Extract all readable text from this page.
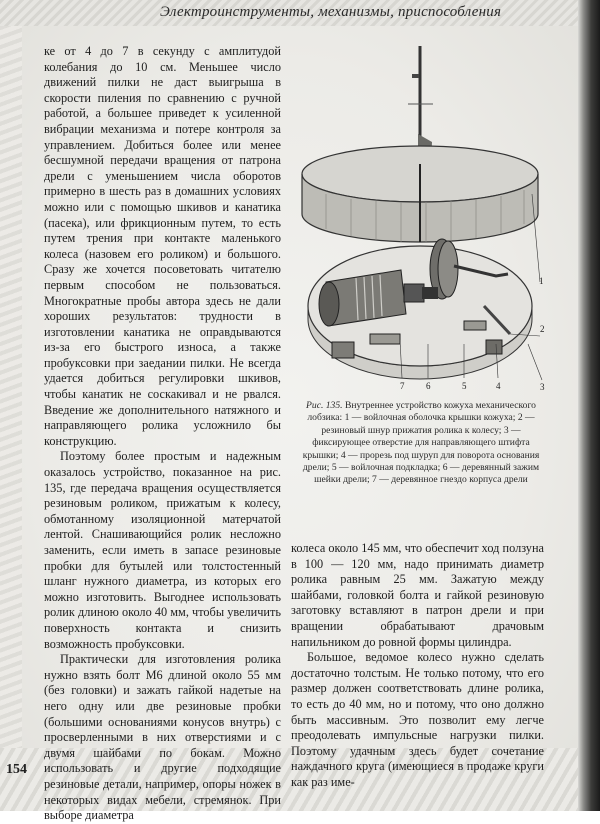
Электроинструменты, механизмы, приспособления
154

ке от 4 до 7 в секунду с амплитудой колебания до 10 см. Меньшее число движений пилки не даст выигрыша в скорости пиления по сравнению с ручной работой, а большее приведет к усиленной вибрации механизма и потере контроля за управлением. Добиться более или менее бесшумной передачи вращения от патрона дрели с уменьшением числа оборотов примерно в шесть раз в домашних условиях можно или с помощью шкивов и канатика (пасека), или фрикционным путем, то есть путем трения при контакте маленького колеса (назовем его роликом) и большого. Сразу же хочется посоветовать читателю первым способом не пользоваться. Многократные пробы автора здесь не дали хороших результатов: трудности в изготовлении канатика не оправдываются из-за его быстрого износа, а также пробуксовки при заедании пилки. Не всегда удается добиться регулировки шкивов, чтобы канатик не соскакивал и не рвался. Введение же дополнительного натяжного и направляющего ролика усложнило бы конструкцию.

Поэтому более простым и надежным оказалось устройство, показанное на рис. 135, где передача вращения осуществляется резиновым роликом, прижатым к колесу, обмотанному изоляционной матерчатой лентой. Снашивающийся ролик несложно заменить, если иметь в запасе резиновые пробки для бутылей или толстостенный шланг нужного диаметра, из которых его можно изготовить. Выгоднее использовать ролик длиною около 40 мм, чтобы увеличить поверхность контакта и снизить возможность пробуксовки.

Практически для изготовления ролика нужно взять болт М6 длиной около 55 мм (без головки) и зажать гайкой надетые на него одну или две резиновые пробки (большими основаниями конусов внутрь) с просверленными в них отверстиями и с двумя шайбами по бокам. Можно использовать и другие подходящие резиновые детали, например, опоры ножек в некоторых видах мебели, стремянок. При выборе диаметра

1
2
3
4
5
6
7
Рис. 135. Внутреннее устройство кожуха механического лобзика: 1 — войлочная оболочка крышки кожуха; 2 — резиновый шнур прижатия ролика к колесу; 3 — фиксирующее отверстие для направляющего штифта крышки; 4 — прорезь под шуруп для поворота основания дрели; 5 — войлочная подкладка; 6 — деревянный зажим шейки дрели; 7 — деревянное гнездо корпуса дрели

колеса около 145 мм, что обеспечит ход ползуна в 100 — 120 мм, надо принимать диаметр ролика равным 25 мм. Зажатую между шайбами, головкой болта и гайкой резиновую заготовку вставляют в патрон дрели и при вращении обрабатывают драчовым напильником до ровной формы цилиндра.

Большое, ведомое колесо нужно сделать достаточно толстым. Не только потому, что его размер должен соответствовать длине ролика, то есть до 40 мм, но и потому, что оно должно быть массивным. Это позволит ему легче преодолевать импульсные нагрузки пилки. Поэтому удачным здесь будет сочетание наждачного круга (имеющиеся в продаже круги как раз име-
